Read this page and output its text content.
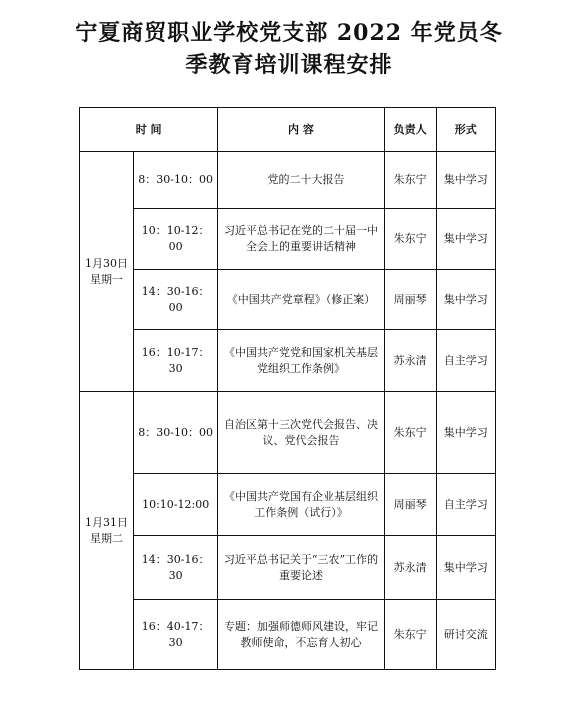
宁夏商贸职业学校党支部 2022 年党员冬
季教育培训课程安排
时 间		内 容	负责人	形式

1月30日
星期一	8：30-10：00	党的二十大报告	朱东宁	集中学习
	10：10-12：00	习近平总书记在党的二十届一中全会上的重要讲话精神	朱东宁	集中学习
	14：30-16：00	《中国共产党章程》（修正案）	周丽琴	集中学习
	16：10-17：30	《中国共产党党和国家机关基层党组织工作条例》	苏永清	自主学习

1月31日
星期二	8：30-10：00	自治区第十三次党代会报告、决议、党代会报告	朱东宁	集中学习
	10:10-12:00	《中国共产党国有企业基层组织工作条例（试行）》	周丽琴	自主学习
	14：30-16：30	习近平总书记关于“三农”工作的重要论述	苏永清	集中学习
	16：40-17：30	专题：加强师德师风建设，牢记教师使命，不忘育人初心	朱东宁	研讨交流
